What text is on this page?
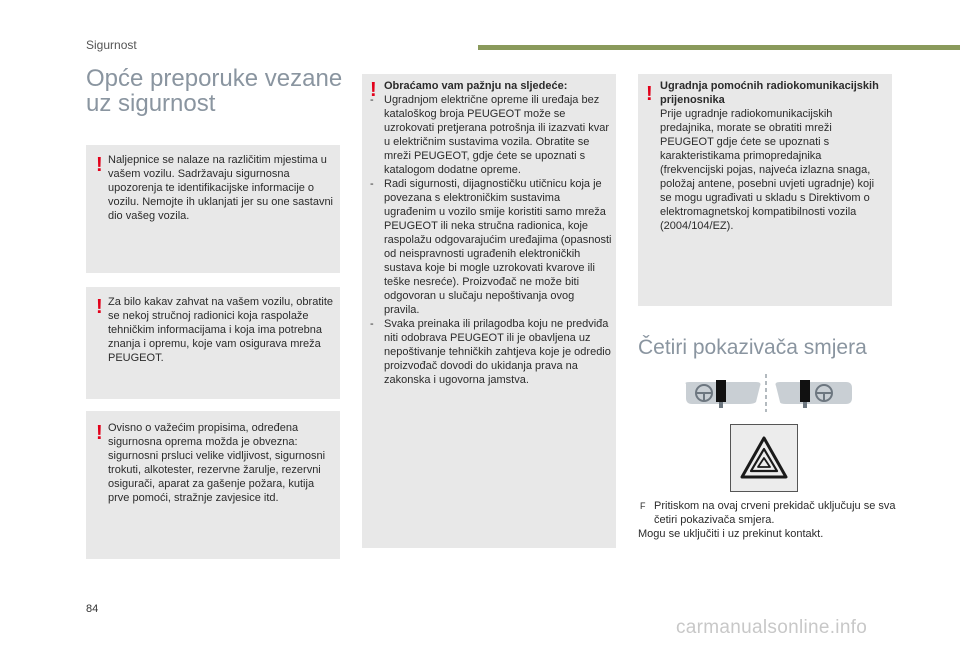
Sigurnost
Opće preporuke vezane uz sigurnost
! Naljepnice se nalaze na različitim mjestima u vašem vozilu. Sadržavaju sigurnosna upozorenja te identifikacijske informacije o vozilu. Nemojte ih uklanjati jer su one sastavni dio vašeg vozila.

! Za bilo kakav zahvat na vašem vozilu, obratite se nekoj stručnoj radionici koja raspolaže tehničkim informacijama i koja ima potrebna znanja i opremu, koje vam osigurava mreža PEUGEOT.

! Ovisno o važećim propisima, određena sigurnosna oprema možda je obvezna: sigurnosni prsluci velike vidljivost, sigurnosni trokuti, alkotester, rezervne žarulje, rezervni osigurači, aparat za gašenje požara, kutija prve pomoći, stražnje zavjesice itd.

! Obraćamo vam pažnju na sljedeće:
- Ugradnjom električne opreme ili uređaja bez kataloškog broja PEUGEOT može se uzrokovati pretjerana potrošnja ili izazvati kvar u električnim sustavima vozila. Obratite se mreži PEUGEOT, gdje ćete se upoznati s katalogom dodatne opreme.
- Radi sigurnosti, dijagnostičku utičnicu koja je povezana s elektroničkim sustavima ugrađenim u vozilo smije koristiti samo mreža PEUGEOT ili neka stručna radionica, koje raspolažu odgovarajućim uređajima (opasnosti od neispravnosti ugrađenih elektroničkih sustava koje bi mogle uzrokovati kvarove ili teške nesreće). Proizvođač ne može biti odgovoran u slučaju nepoštivanja ovog pravila.
- Svaka preinaka ili prilagodba koju ne predviđa niti odobrava PEUGEOT ili je obavljena uz nepoštivanje tehničkih zahtjeva koje je odredio proizvođač dovodi do ukidanja prava na zakonska i ugovorna jamstva.
! Ugradnja pomoćnih radiokomunikacijskih prijenosnika
Prije ugradnje radiokomunikacijskih predajnika, morate se obratiti mreži PEUGEOT gdje ćete se upoznati s karakteristikama primopredajnika (frekvencijski pojas, najveća izlazna snaga, položaj antene, posebni uvjeti ugradnje) koji se mogu ugrađivati u skladu s Direktivom o elektromagnetskoj kompatibilnosti vozila (2004/104/EZ).
Četiri pokazivača smjera
F Pritiskom na ovaj crveni prekidač uključuju se sva četiri pokazivača smjera.
Mogu se uključiti i uz prekinut kontakt.
84
carmanualsonline.info
